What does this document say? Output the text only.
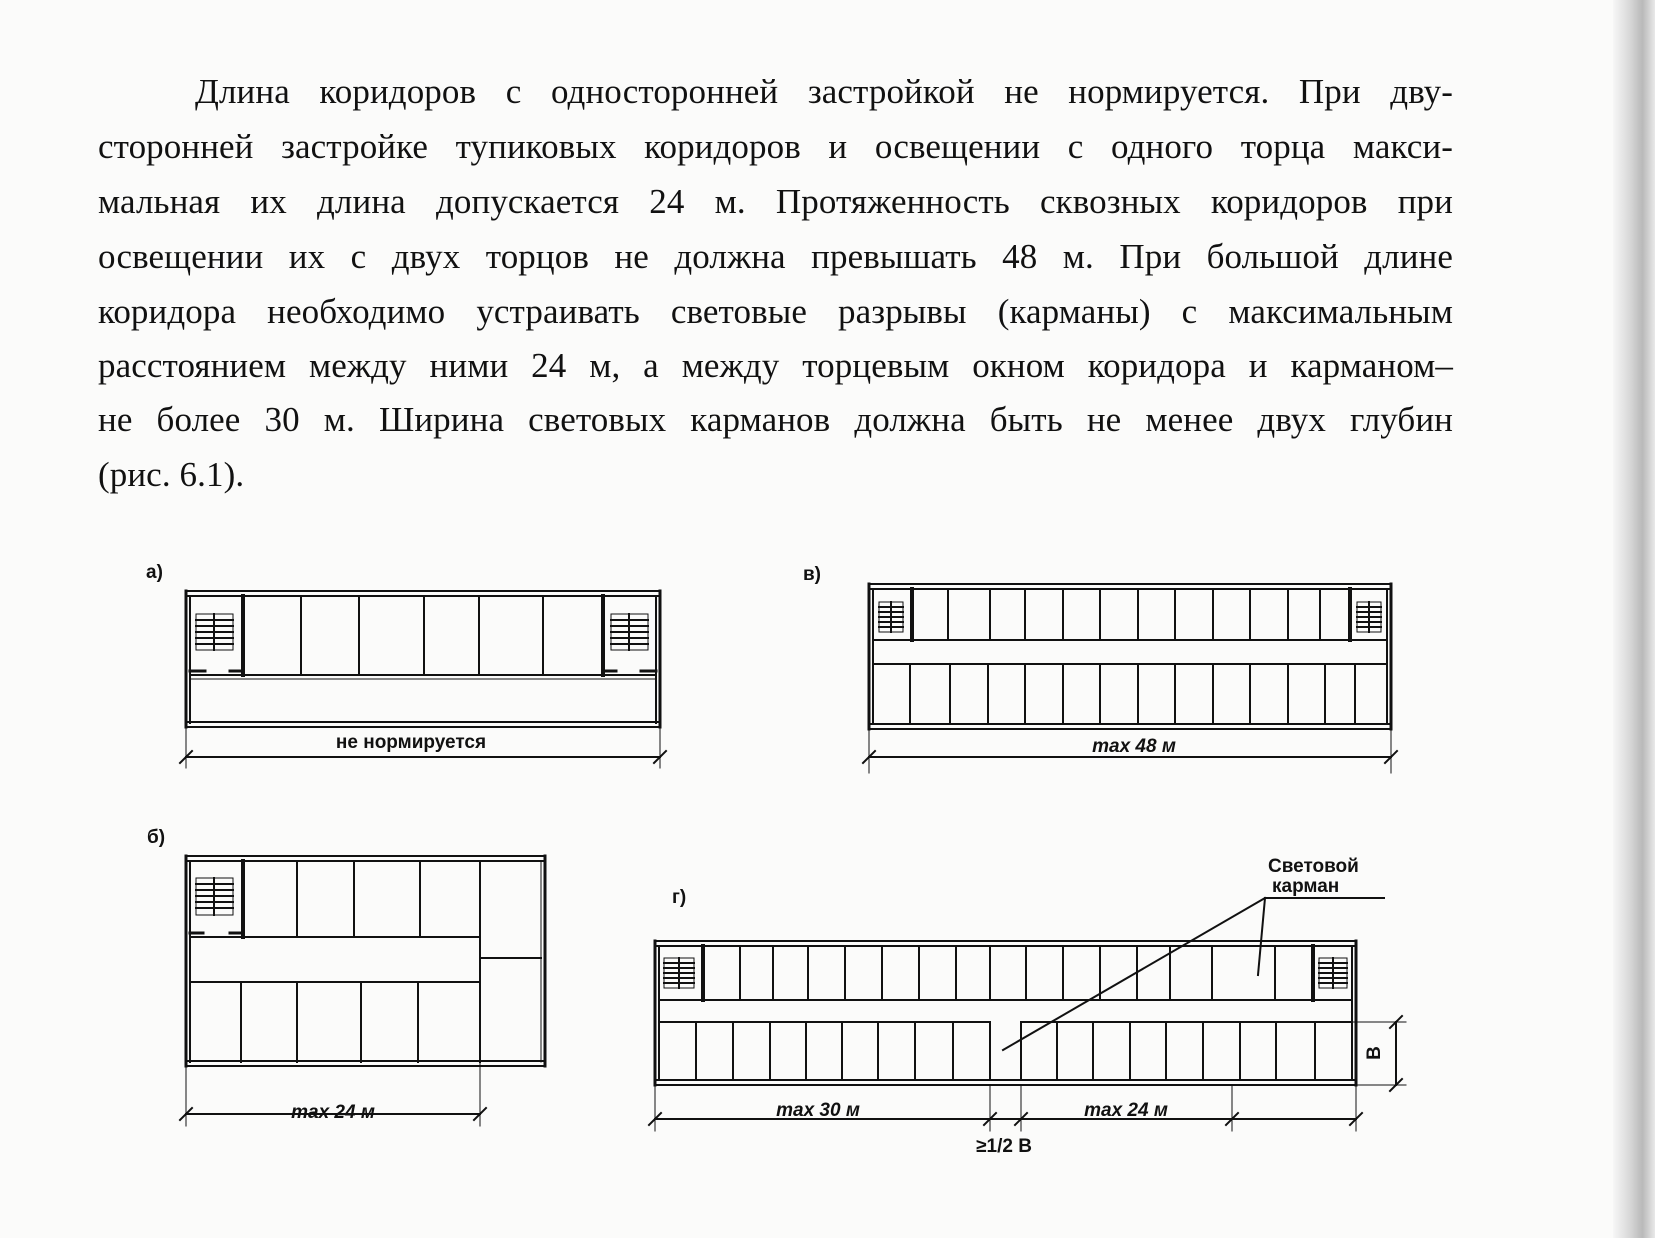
Длина коридоров с односторонней застройкой не нормируется. При дву-
сторонней застройке тупиковых коридоров и освещении с одного торца макси-
мальная их длина допускается 24 м. Протяженность сквозных коридоров при
освещении их с двух торцов не должна превышать 48 м. При большой длине
коридора необходимо устраивать световые разрывы (карманы) с максимальным
расстоянием между ними 24 м, а между торцевым окном коридора и карманом–
не более 30 м. Ширина световых карманов должна быть не менее двух глубин
(рис. 6.1).
а)
не нормируется
б)
max 24 м
в)
max 48 м
г)
max 30 м	max 24 м
≥1/2 В
В
Световой
карман
